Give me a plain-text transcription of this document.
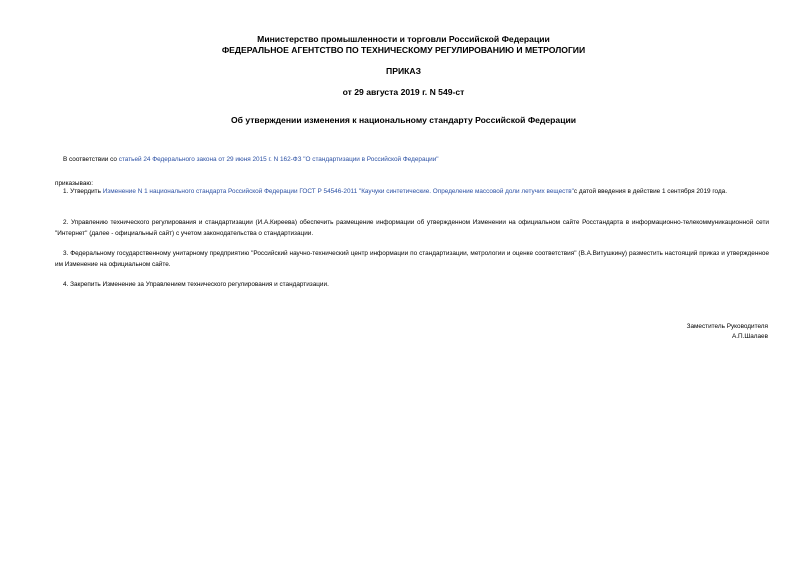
Министерство промышленности и торговли Российской Федерации
ФЕДЕРАЛЬНОЕ АГЕНТСТВО ПО ТЕХНИЧЕСКОМУ РЕГУЛИРОВАНИЮ И МЕТРОЛОГИИ
ПРИКАЗ
от 29 августа 2019 г. N 549-ст
Об утверждении изменения к национальному стандарту Российской Федерации
В соответствии со статьей 24 Федерального закона от 29 июня 2015 г. N 162-ФЗ "О стандартизации в Российской Федерации"
приказываю:
1. Утвердить Изменение N 1 национального стандарта Российской Федерации ГОСТ Р 54546-2011 "Каучуки синтетические. Определение массовой доли летучих веществ"с датой введения в действие 1 сентября 2019 года.
2. Управлению технического регулирования и стандартизации (И.А.Киреева) обеспечить размещение информации об утвержденном Изменении на официальном сайте Росстандарта в информационно-телекоммуникационной сети "Интернет" (далее - официальный сайт) с учетом законодательства о стандартизации.
3. Федеральному государственному унитарному предприятию "Российский научно-технический центр информации по стандартизации, метрологии и оценке соответствия" (В.А.Витушкину) разместить настоящий приказ и утвержденное им Изменение на официальном сайте.
4. Закрепить Изменение за Управлением технического регулирования и стандартизации.
Заместитель Руководителя
А.П.Шалаев
